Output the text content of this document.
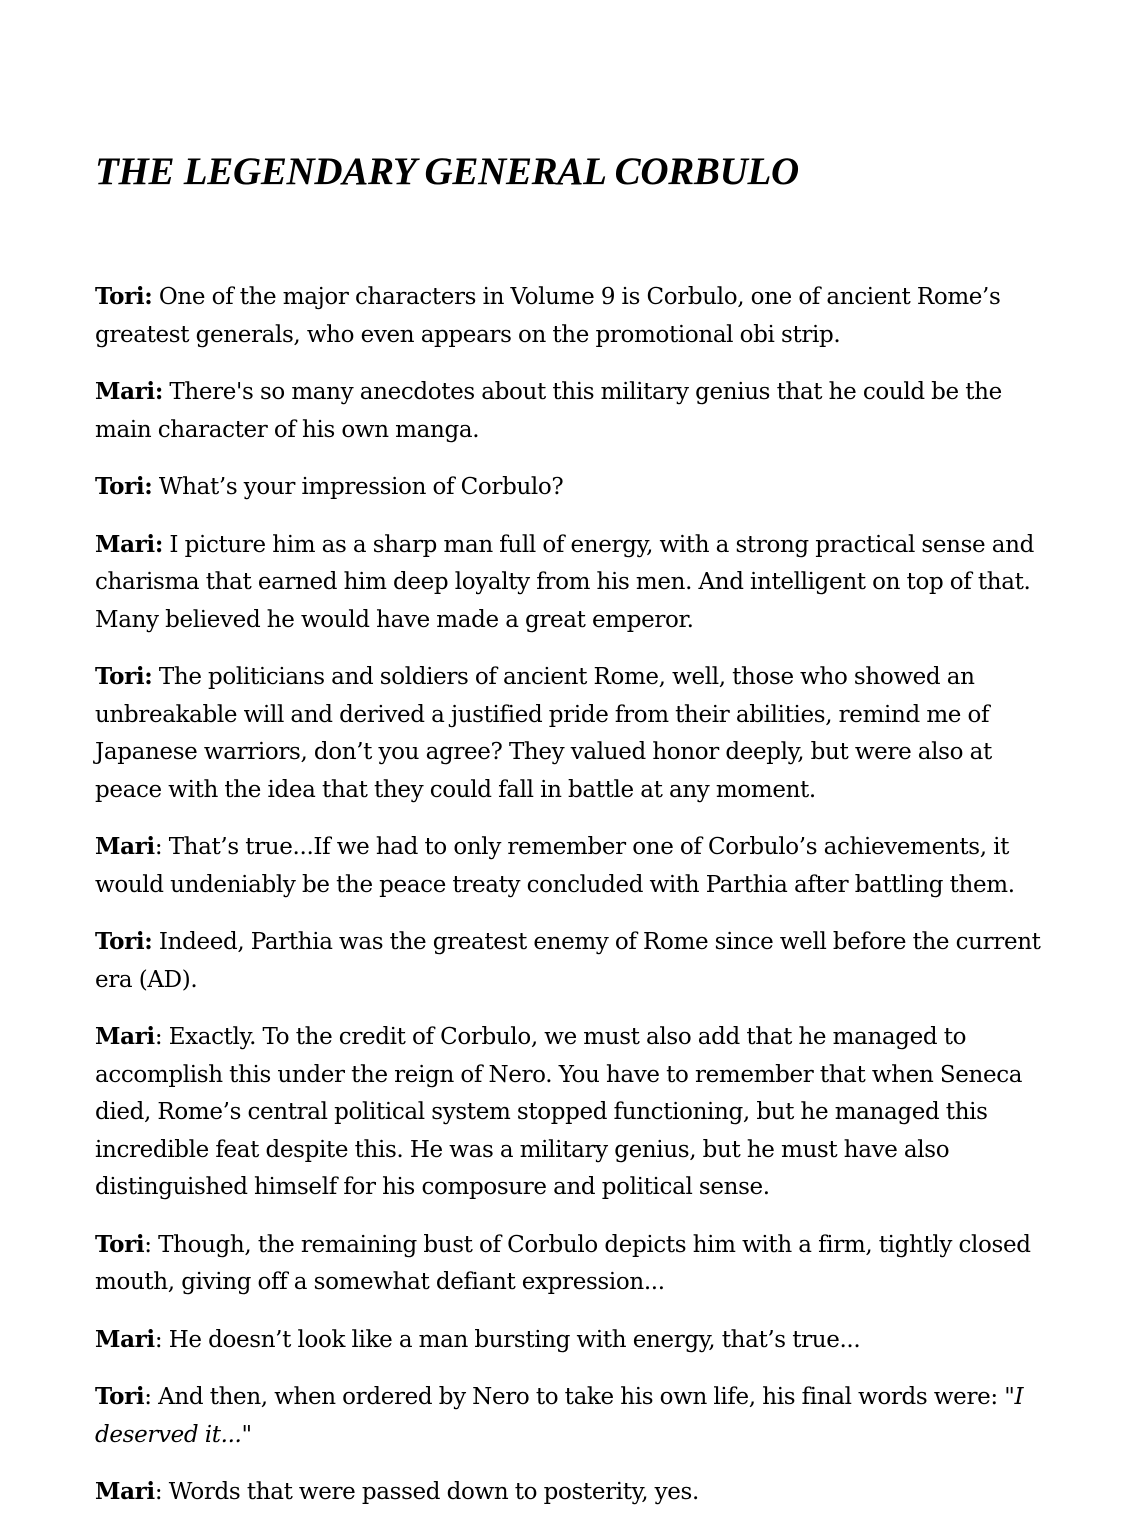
THE LEGENDARY GENERAL CORBULO

Tori: One of the major characters in Volume 9 is Corbulo, one of ancient Rome’s greatest generals, who even appears on the promotional obi strip.

Mari: There's so many anecdotes about this military genius that he could be the main character of his own manga.

Tori: What’s your impression of Corbulo?

Mari: I picture him as a sharp man full of energy, with a strong practical sense and charisma that earned him deep loyalty from his men. And intelligent on top of that. Many believed he would have made a great emperor.

Tori: The politicians and soldiers of ancient Rome, well, those who showed an unbreakable will and derived a justified pride from their abilities, remind me of Japanese warriors, don’t you agree? They valued honor deeply, but were also at peace with the idea that they could fall in battle at any moment.

Mari: That’s true...If we had to only remember one of Corbulo’s achievements, it would undeniably be the peace treaty concluded with Parthia after battling them.

Tori: Indeed, Parthia was the greatest enemy of Rome since well before the current era (AD).

Mari: Exactly. To the credit of Corbulo, we must also add that he managed to accomplish this under the reign of Nero. You have to remember that when Seneca died, Rome’s central political system stopped functioning, but he managed this incredible feat despite this. He was a military genius, but he must have also distinguished himself for his composure and political sense.

Tori: Though, the remaining bust of Corbulo depicts him with a firm, tightly closed mouth, giving off a somewhat defiant expression...

Mari: He doesn’t look like a man bursting with energy, that’s true...

Tori: And then, when ordered by Nero to take his own life, his final words were: "I deserved it..."

Mari: Words that were passed down to posterity, yes.
